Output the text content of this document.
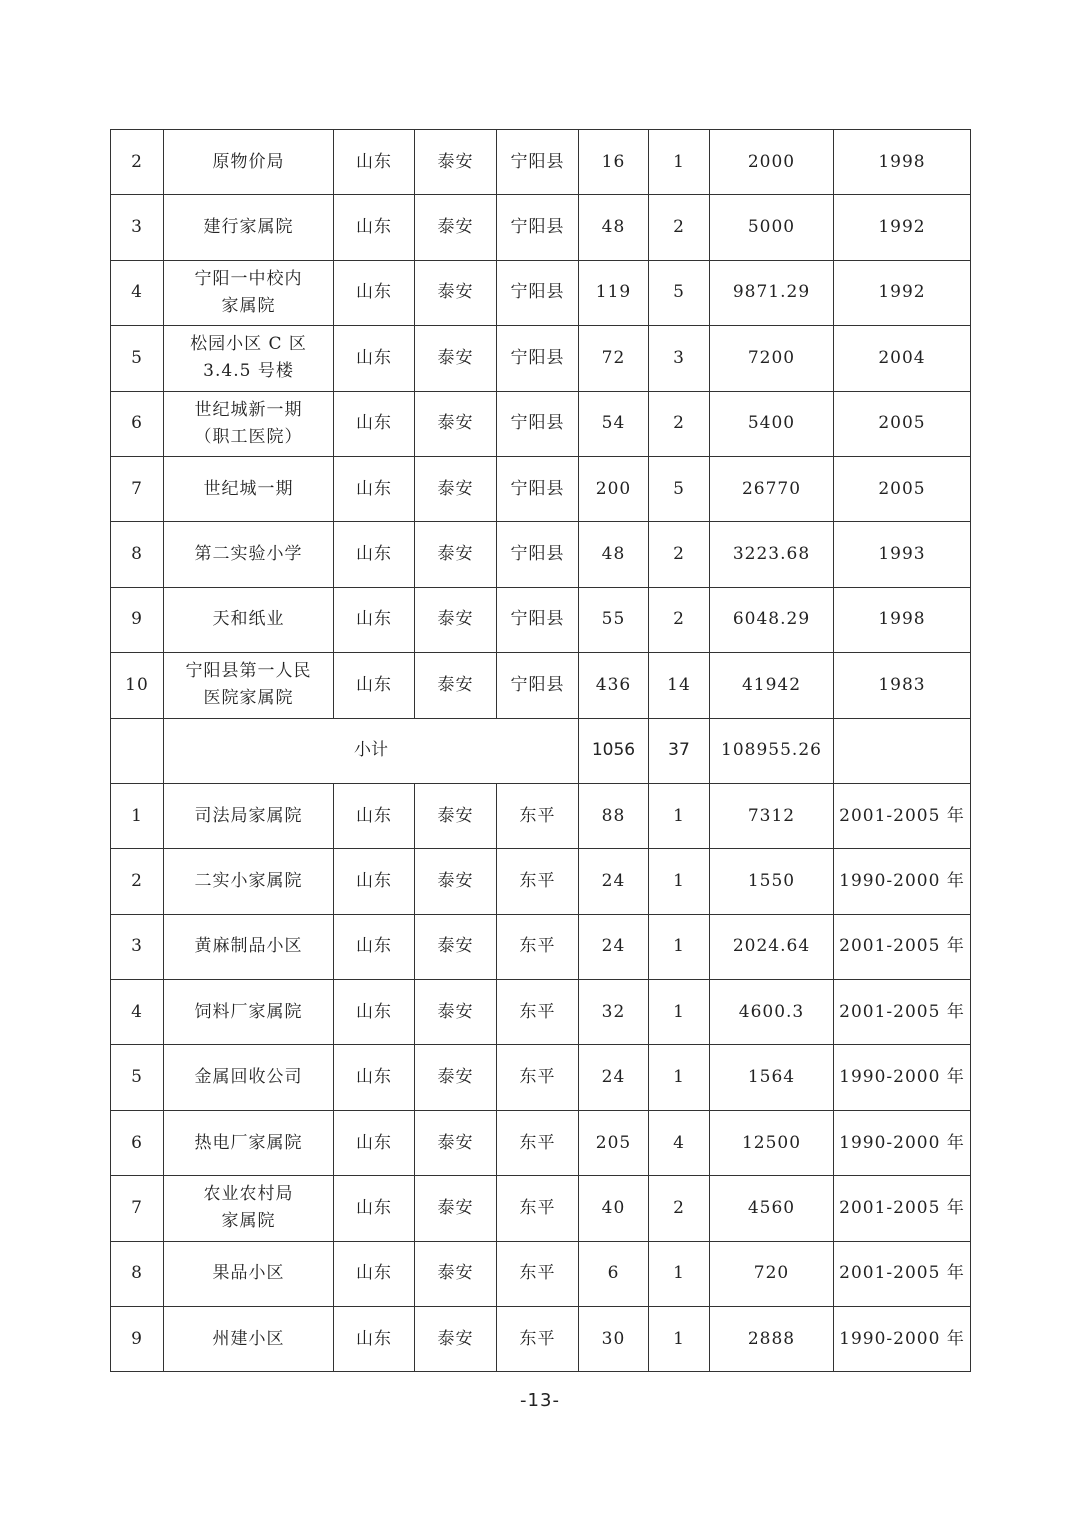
2	原物价局	山东	泰安	宁阳县	16	1	2000	1998
3	建行家属院	山东	泰安	宁阳县	48	2	5000	1992
4	宁阳一中校内
家属院	山东	泰安	宁阳县	119	5	9871.29	1992
5	松园小区 C 区
3.4.5 号楼	山东	泰安	宁阳县	72	3	7200	2004
6	世纪城新一期
（职工医院）	山东	泰安	宁阳县	54	2	5400	2005
7	世纪城一期	山东	泰安	宁阳县	200	5	26770	2005
8	第二实验小学	山东	泰安	宁阳县	48	2	3223.68	1993
9	天和纸业	山东	泰安	宁阳县	55	2	6048.29	1998
10	宁阳县第一人民
医院家属院	山东	泰安	宁阳县	436	14	41942	1983
	小计				1056	37	108955.26	
1	司法局家属院	山东	泰安	东平	88	1	7312	2001-2005 年
2	二实小家属院	山东	泰安	东平	24	1	1550	1990-2000 年
3	黄麻制品小区	山东	泰安	东平	24	1	2024.64	2001-2005 年
4	饲料厂家属院	山东	泰安	东平	32	1	4600.3	2001-2005 年
5	金属回收公司	山东	泰安	东平	24	1	1564	1990-2000 年
6	热电厂家属院	山东	泰安	东平	205	4	12500	1990-2000 年
7	农业农村局
家属院	山东	泰安	东平	40	2	4560	2001-2005 年
8	果品小区	山东	泰安	东平	6	1	720	2001-2005 年
9	州建小区	山东	泰安	东平	30	1	2888	1990-2000 年
-13-
